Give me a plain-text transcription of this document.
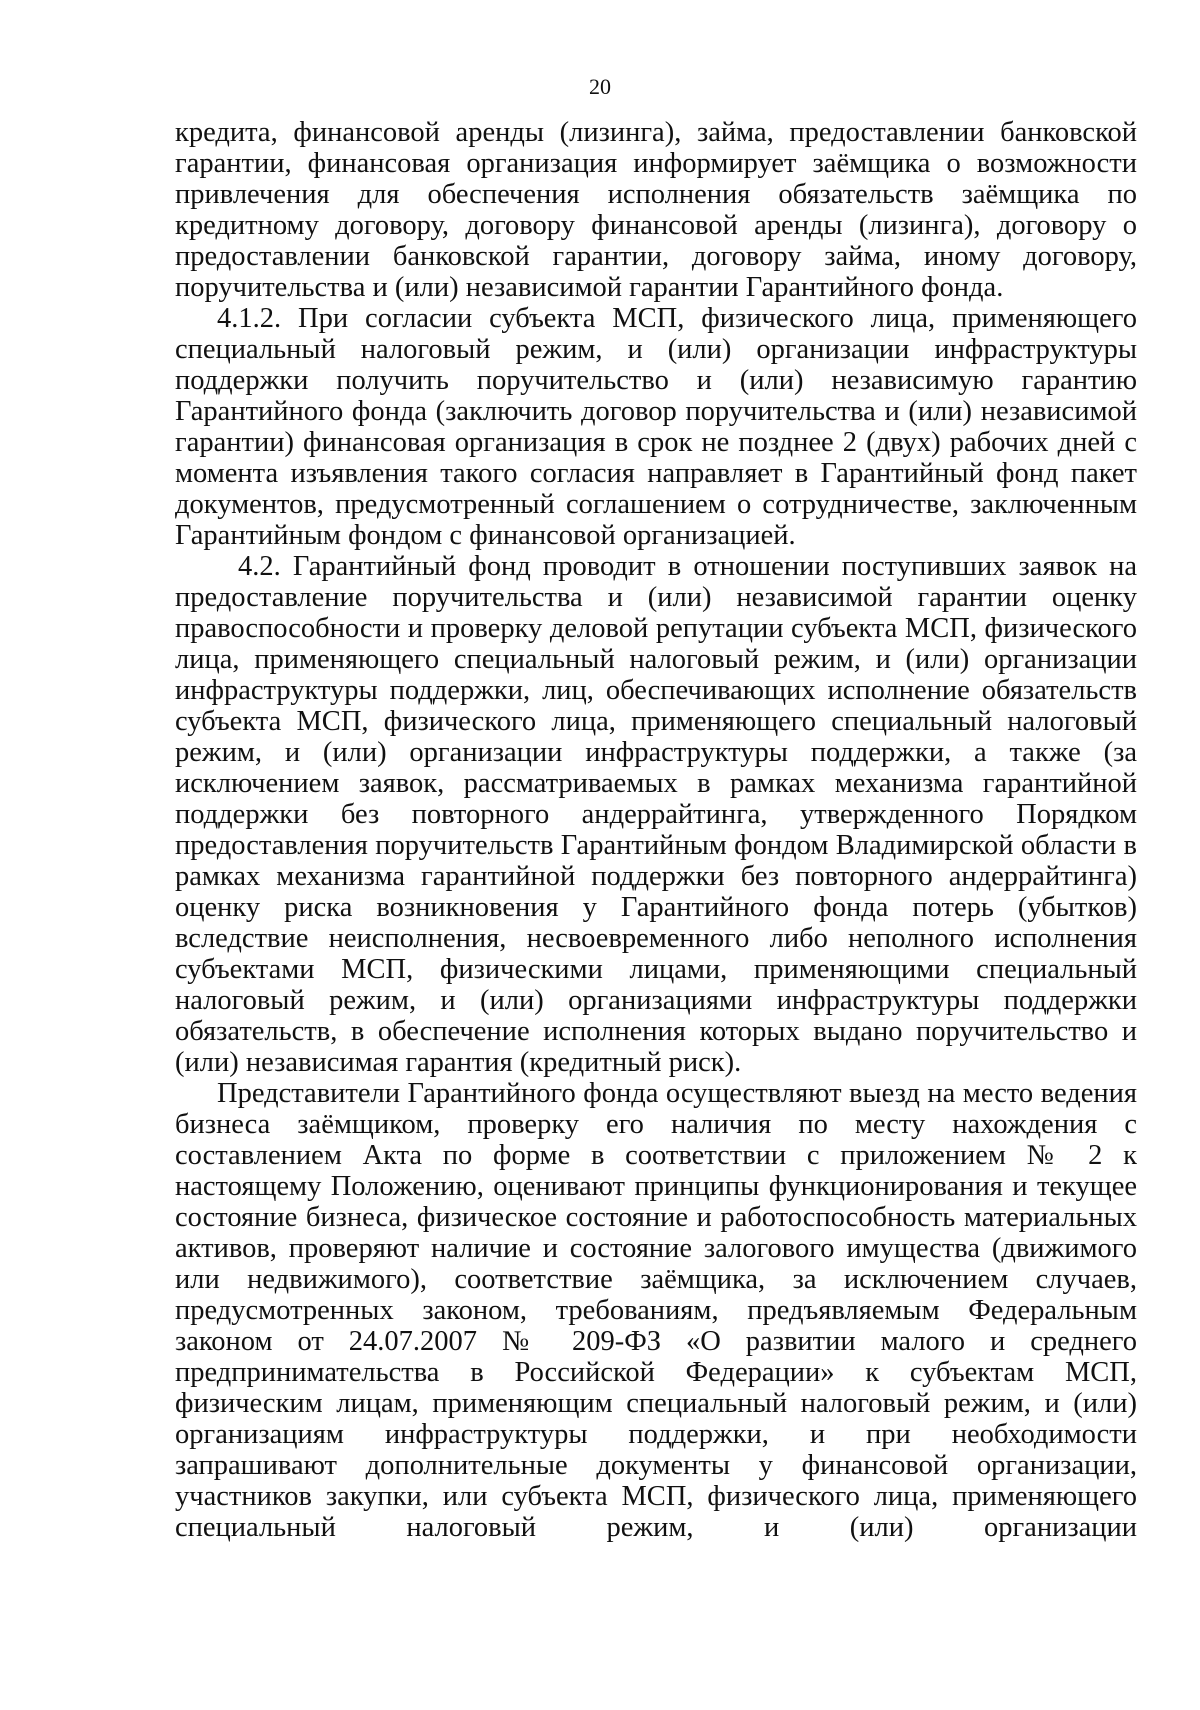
20

кредита, финансовой аренды (лизинга), займа, предоставлении банковской гарантии, финансовая организация информирует заёмщика о возможности привлечения для обеспечения исполнения обязательств заёмщика по кредитному договору, договору финансовой аренды (лизинга), договору о предоставлении банковской гарантии, договору займа, иному договору, поручительства и (или) независимой гарантии Гарантийного фонда.

4.1.2. При согласии субъекта МСП, физического лица, применяющего специальный налоговый режим, и (или) организации инфраструктуры поддержки получить поручительство и (или) независимую гарантию Гарантийного фонда (заключить договор поручительства и (или) независимой гарантии) финансовая организация в срок не позднее 2 (двух) рабочих дней с момента изъявления такого согласия направляет в Гарантийный фонд пакет документов, предусмотренный соглашением о сотрудничестве, заключенным Гарантийным фондом с финансовой организацией.

4.2. Гарантийный фонд проводит в отношении поступивших заявок на предоставление поручительства и (или) независимой гарантии оценку правоспособности и проверку деловой репутации субъекта МСП, физического лица, применяющего специальный налоговый режим, и (или) организации инфраструктуры поддержки, лиц, обеспечивающих исполнение обязательств субъекта МСП, физического лица, применяющего специальный налоговый режим, и (или) организации инфраструктуры поддержки, а также (за исключением заявок, рассматриваемых в рамках механизма гарантийной поддержки без повторного андеррайтинга, утвержденного Порядком предоставления поручительств Гарантийным фондом Владимирской области в рамках механизма гарантийной поддержки без повторного андеррайтинга) оценку риска возникновения у Гарантийного фонда потерь (убытков) вследствие неисполнения, несвоевременного либо неполного исполнения субъектами МСП, физическими лицами, применяющими специальный налоговый режим, и (или) организациями инфраструктуры поддержки обязательств, в обеспечение исполнения которых выдано поручительство и (или) независимая гарантия (кредитный риск).

Представители Гарантийного фонда осуществляют выезд на место ведения бизнеса заёмщиком, проверку его наличия по месту нахождения с составлением Акта по форме в соответствии с приложением № 2 к настоящему Положению, оценивают принципы функционирования и текущее состояние бизнеса, физическое состояние и работоспособность материальных активов, проверяют наличие и состояние залогового имущества (движимого или недвижимого), соответствие заёмщика, за исключением случаев, предусмотренных законом, требованиям, предъявляемым Федеральным законом от 24.07.2007 № 209-ФЗ «О развитии малого и среднего предпринимательства в Российской Федерации» к субъектам МСП, физическим лицам, применяющим специальный налоговый режим, и (или) организациям инфраструктуры поддержки, и при необходимости запрашивают дополнительные документы у финансовой организации, участников закупки, или субъекта МСП, физического лица, применяющего специальный налоговый режим, и (или) организации
